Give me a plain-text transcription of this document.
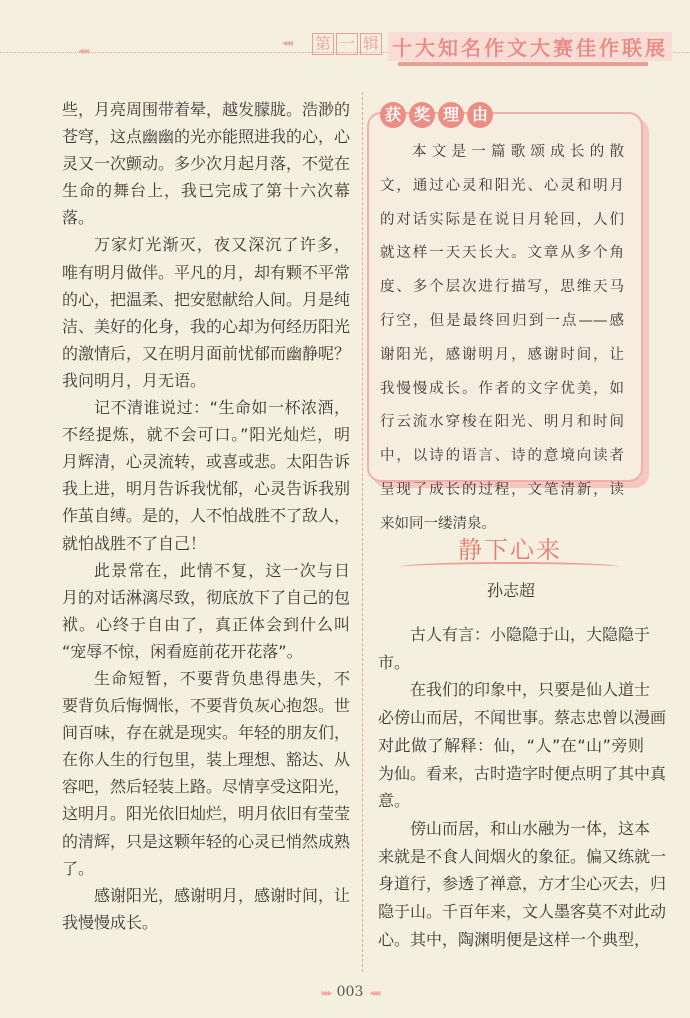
◂◂◂
◂◂◂ 第 一 辑 十大知名作文大赛佳作联展
些，月亮周围带着晕，越发朦胧。浩渺的
苍穹，这点幽幽的光亦能照进我的心，心
灵又一次颤动。多少次月起月落，不觉在
生命的舞台上，我已完成了第十六次幕
落。
万家灯光渐灭，夜又深沉了许多，
唯有明月做伴。平凡的月，却有颗不平常
的心，把温柔、把安慰献给人间。月是纯
洁、美好的化身，我的心却为何经历阳光
的激情后，又在明月面前忧郁而幽静呢？
我问明月，月无语。
记不清谁说过：“生命如一杯浓酒，
不经提炼，就不会可口。”阳光灿烂，明
月辉清，心灵流转，或喜或悲。太阳告诉
我上进，明月告诉我忧郁，心灵告诉我别
作茧自缚。是的，人不怕战胜不了敌人，
就怕战胜不了自己！
此景常在，此情不复，这一次与日
月的对话淋漓尽致，彻底放下了自己的包
袱。心终于自由了，真正体会到什么叫
“宠辱不惊，闲看庭前花开花落”。
生命短暂，不要背负患得患失，不
要背负后悔惆怅，不要背负灰心抱怨。世
间百味，存在就是现实。年轻的朋友们，
在你人生的行包里，装上理想、豁达、从
容吧，然后轻装上路。尽情享受这阳光，
这明月。阳光依旧灿烂，明月依旧有莹莹
的清辉，只是这颗年轻的心灵已悄然成熟
了。
感谢阳光，感谢明月，感谢时间，让
我慢慢成长。
获 奖 理 由
本文是一篇歌颂成长的散
文，通过心灵和阳光、心灵和明月
的对话实际是在说日月轮回，人们
就这样一天天长大。文章从多个角
度、多个层次进行描写，思维天马
行空，但是最终回归到一点——感
谢阳光，感谢明月，感谢时间，让
我慢慢成长。作者的文字优美，如
行云流水穿梭在阳光、明月和时间
中，以诗的语言、诗的意境向读者
呈现了成长的过程，文笔清新，读
来如同一缕清泉。
静下心来
孙志超
古人有言：小隐隐于山，大隐隐于
市。
在我们的印象中，只要是仙人道士
必傍山而居，不闻世事。蔡志忠曾以漫画
对此做了解释：仙，“人”在“山”旁则
为仙。看来，古时造字时便点明了其中真
意。
傍山而居，和山水融为一体，这本
来就是不食人间烟火的象征。偏又练就一
身道行，参透了禅意，方才尘心灭去，归
隐于山。千百年来，文人墨客莫不对此动
心。其中，陶渊明便是这样一个典型，
▸▸▸ 003 ◂◂◂
